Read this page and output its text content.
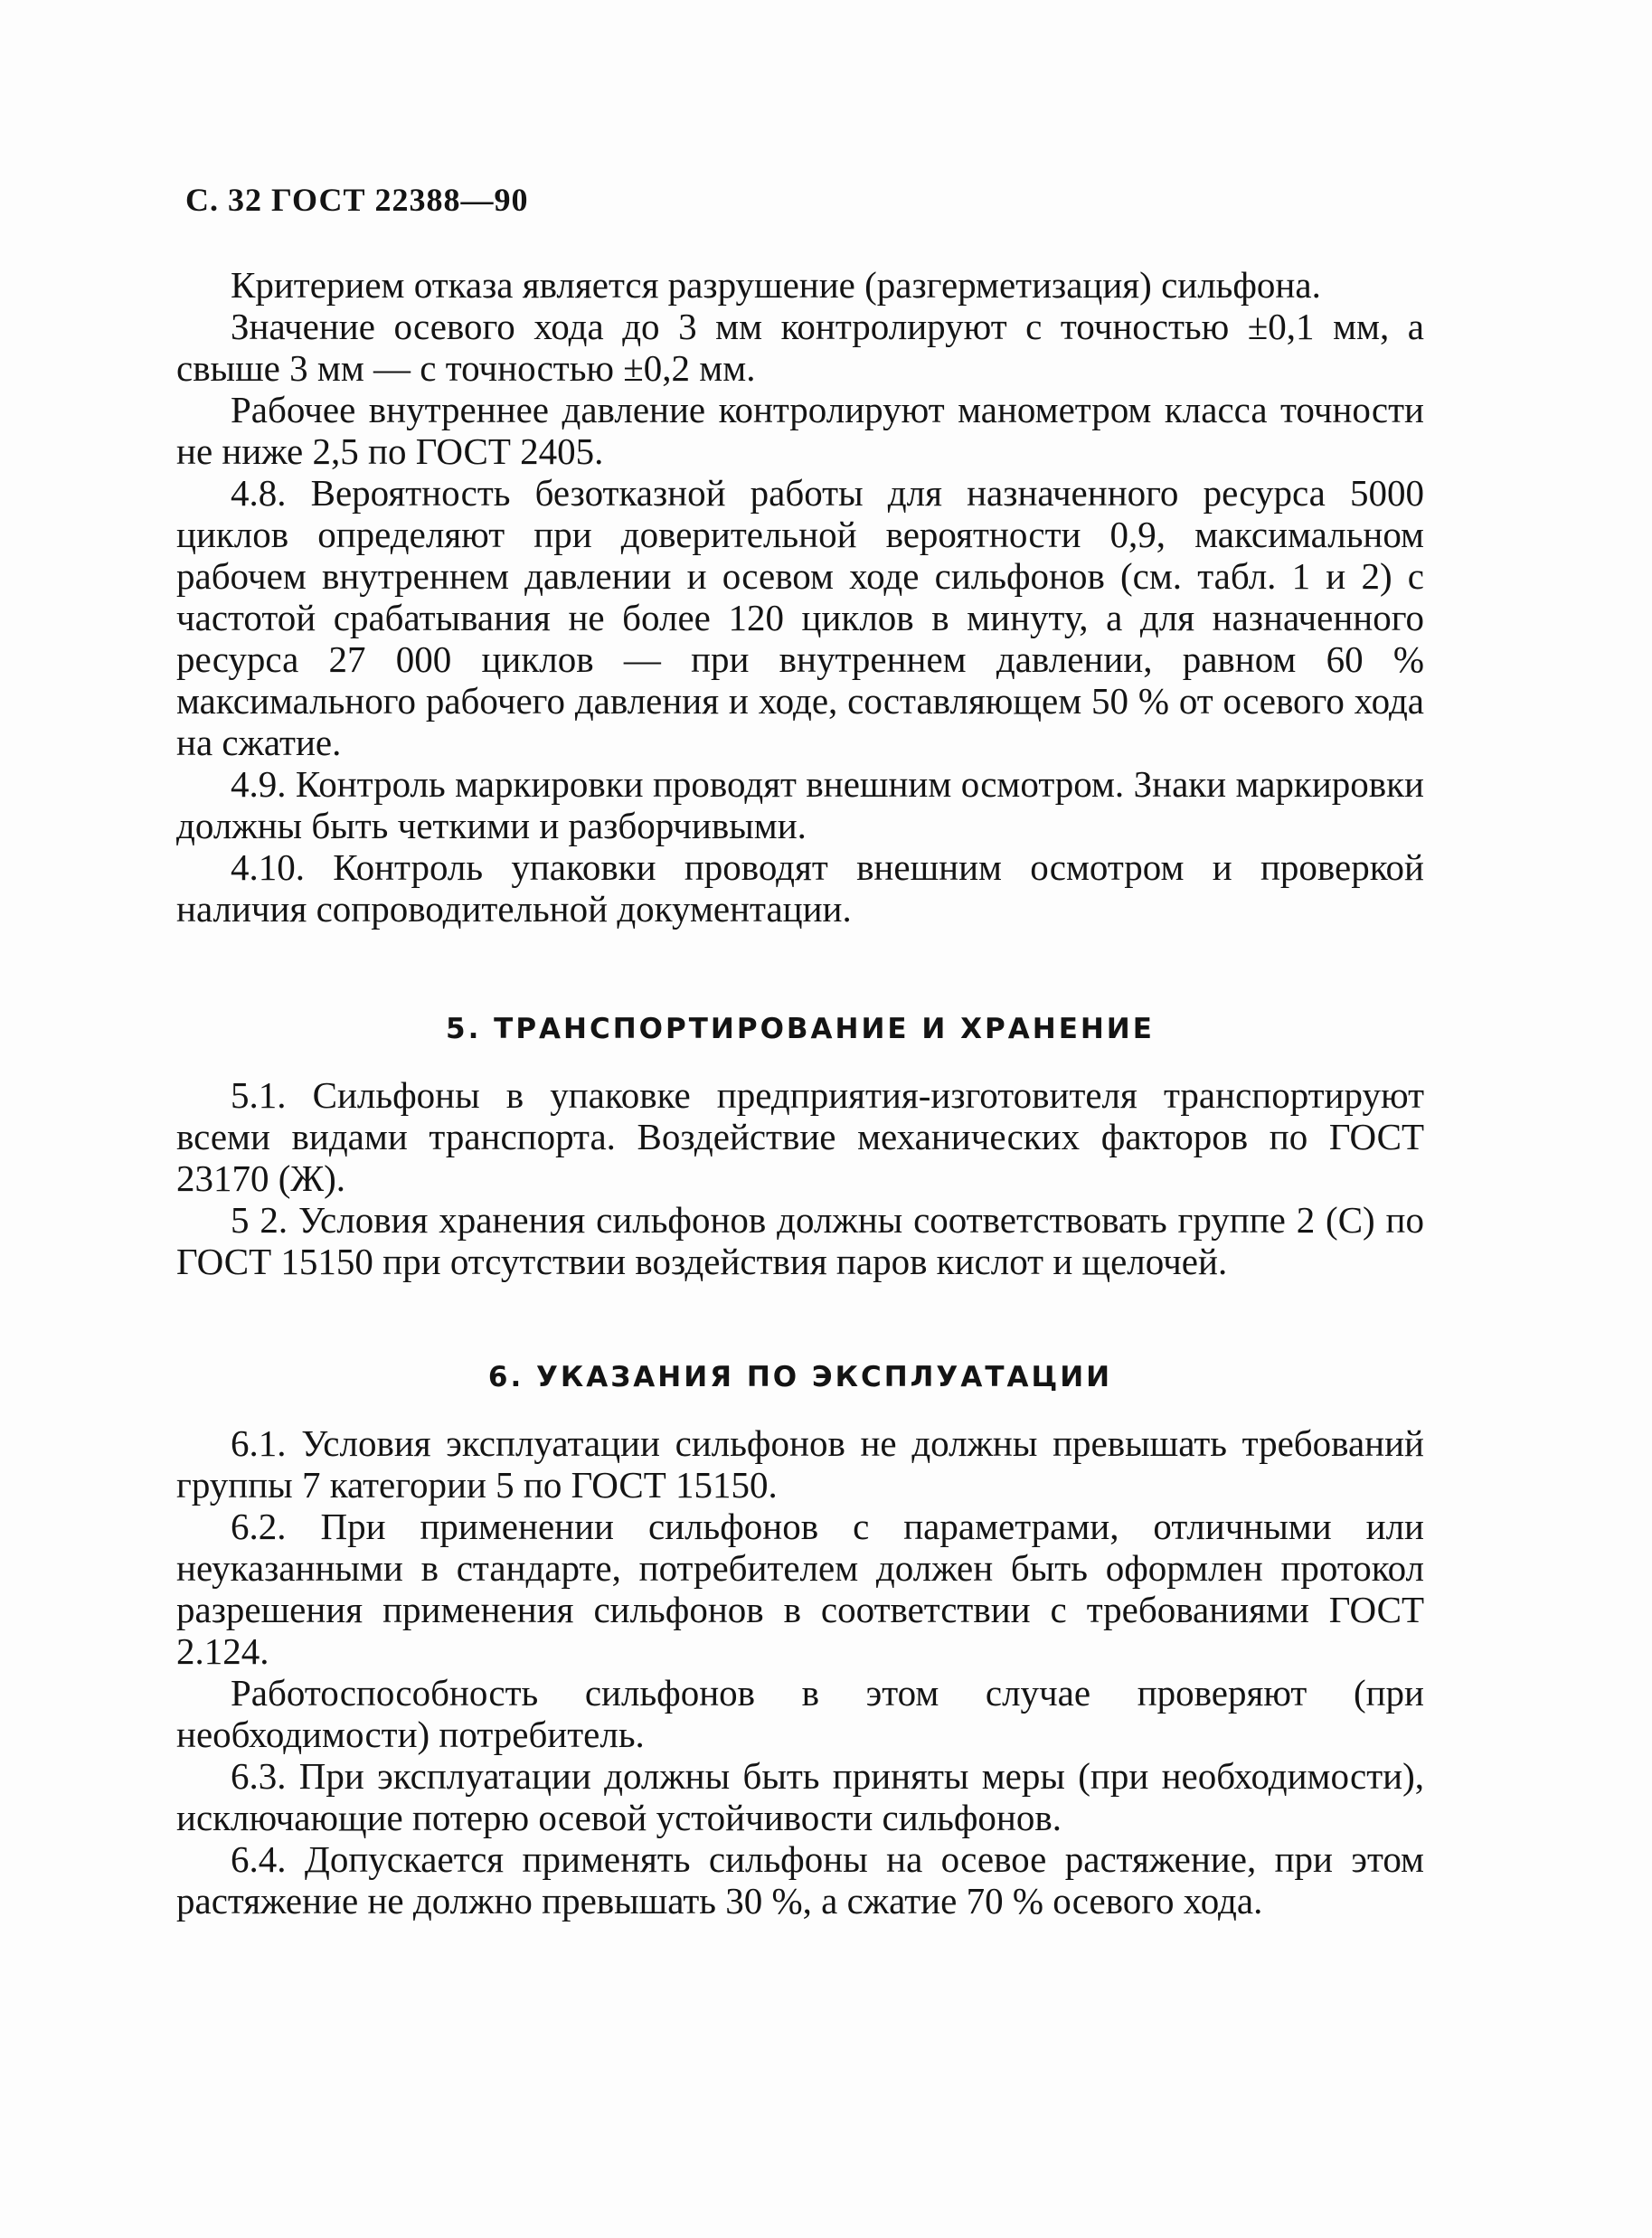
С. 32 ГОСТ 22388—90

Критерием отказа является разрушение (разгерметизация) сильфона.

Значение осевого хода до 3 мм контролируют с точностью ±0,1 мм, а свыше 3 мм — с точностью ±0,2 мм.

Рабочее внутреннее давление контролируют манометром класса точности не ниже 2,5 по ГОСТ 2405.

4.8. Вероятность безотказной работы для назначенного ресурса 5000 циклов определяют при доверительной вероятности 0,9, максимальном рабочем внутреннем давлении и осевом ходе сильфонов (см. табл. 1 и 2) с частотой срабатывания не более 120 циклов в минуту, а для назначенного ресурса 27 000 циклов — при внутреннем давлении, равном 60 % максимального рабочего давления и ходе, составляющем 50 % от осевого хода на сжатие.

4.9. Контроль маркировки проводят внешним осмотром. Знаки маркировки должны быть четкими и разборчивыми.

4.10. Контроль упаковки проводят внешним осмотром и проверкой наличия сопроводительной документации.

5. ТРАНСПОРТИРОВАНИЕ И ХРАНЕНИЕ

5.1. Сильфоны в упаковке предприятия-изготовителя транспортируют всеми видами транспорта. Воздействие механических факторов по ГОСТ 23170 (Ж).

5 2. Условия хранения сильфонов должны соответствовать группе 2 (С) по ГОСТ 15150 при отсутствии воздействия паров кислот и щелочей.

6. УКАЗАНИЯ ПО ЭКСПЛУАТАЦИИ

6.1. Условия эксплуатации сильфонов не должны превышать требований группы 7 категории 5 по ГОСТ 15150.

6.2. При применении сильфонов с параметрами, отличными или неуказанными в стандарте, потребителем должен быть оформлен протокол разрешения применения сильфонов в соответствии с требованиями ГОСТ 2.124.

Работоспособность сильфонов в этом случае проверяют (при необходимости) потребитель.

6.3. При эксплуатации должны быть приняты меры (при необходимости), исключающие потерю осевой устойчивости сильфонов.

6.4. Допускается применять сильфоны на осевое растяжение, при этом растяжение не должно превышать 30 %, а сжатие 70 % осевого хода.
